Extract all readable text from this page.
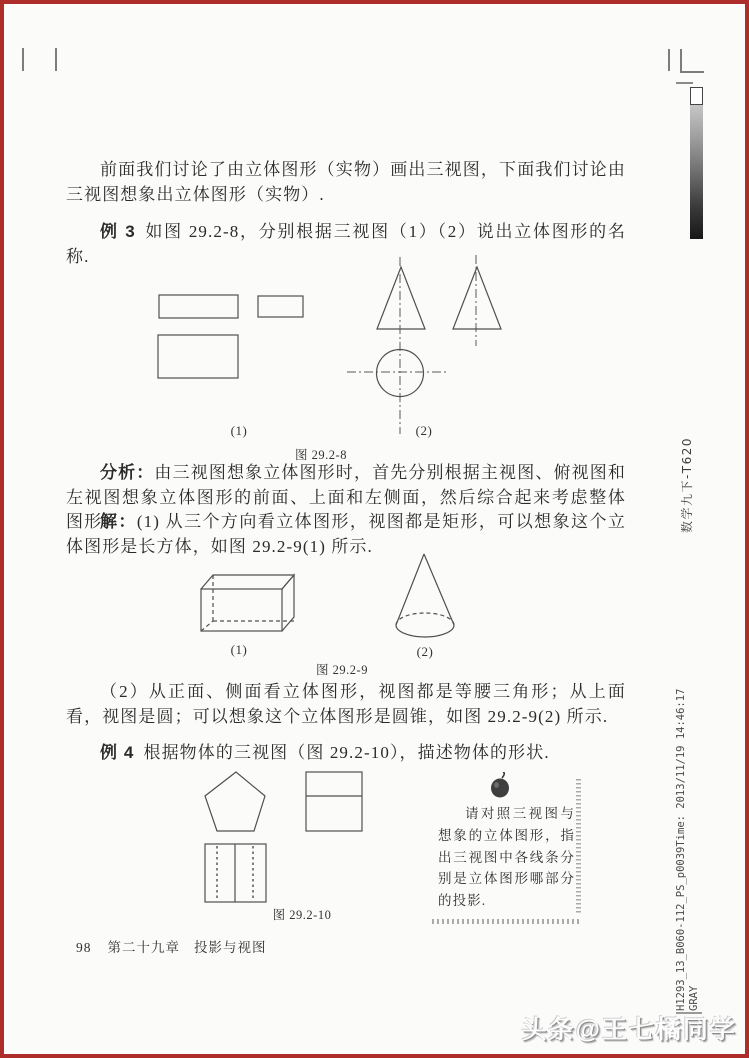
数学九下-T620
H1293_13_B060-112_PS_p0039Time: 2013/11/19 14:46:17 GRAY

前面我们讨论了由立体图形（实物）画出三视图，下面我们讨论由三视图想象出立体图形（实物）.

例 3 如图 29.2-8，分别根据三视图（1）（2）说出立体图形的名称.

(1)	(2)
图 29.2-8

分析：由三视图想象立体图形时，首先分别根据主视图、俯视图和左视图想象立体图形的前面、上面和左侧面，然后综合起来考虑整体图形.

解：(1) 从三个方向看立体图形，视图都是矩形，可以想象这个立体图形是长方体，如图 29.2-9(1) 所示.

(1)	(2)
图 29.2-9

（2）从正面、侧面看立体图形，视图都是等腰三角形；从上面看，视图是圆；可以想象这个立体图形是圆锥，如图 29.2-9(2) 所示.

例 4 根据物体的三视图（图 29.2-10），描述物体的形状.

图 29.2-10

请对照三视图与想象的立体图形，指出三视图中各线条分别是立体图形哪部分的投影.

98 第二十九章 投影与视图
头条@王七橘同学
